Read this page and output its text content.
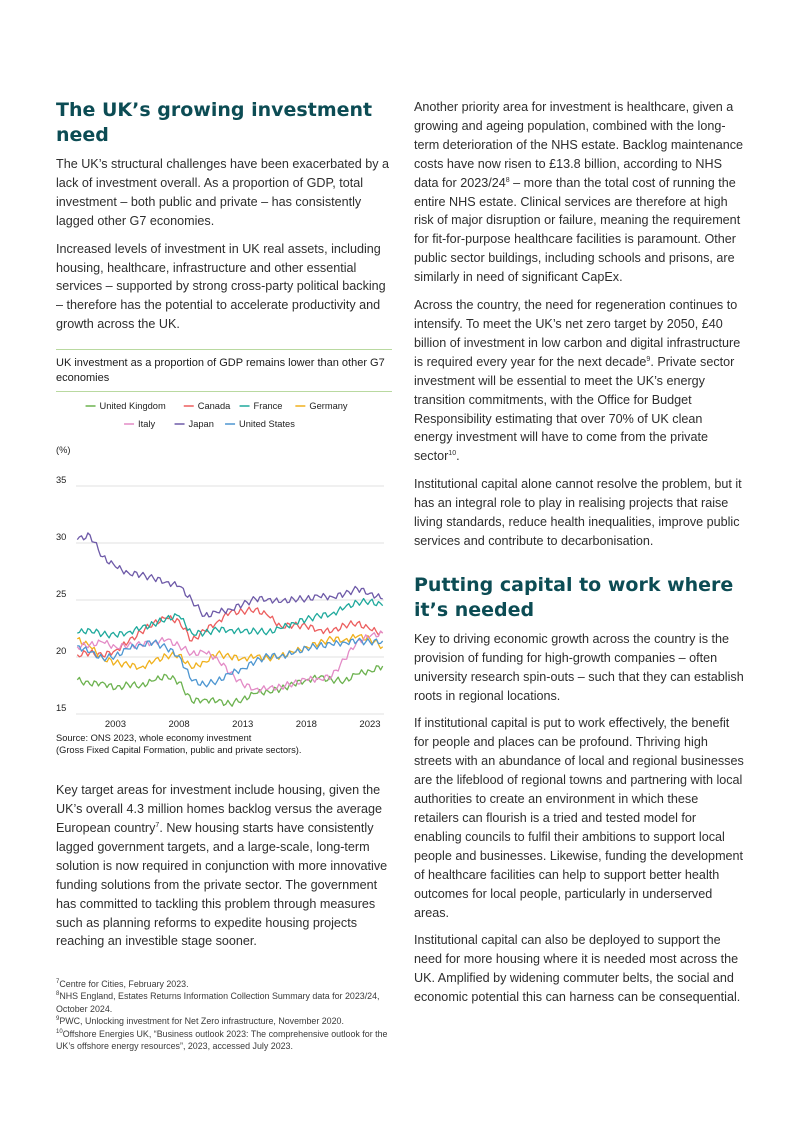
The UK’s growing investment need

The UK’s structural challenges have been exacerbated by a lack of investment overall. As a proportion of GDP, total investment – both public and private – has consistently lagged other G7 economies.

Increased levels of investment in UK real assets, including housing, healthcare, infrastructure and other essential services – supported by strong cross-party political backing – therefore has the potential to accelerate productivity and growth across the UK.

UK investment as a proportion of GDP remains lower than other G7 economies
United Kingdom	Canada France	Germany
Italy	Japan	United States
(%)
15
20
25
30
35
2003	2008	2013	2018	2023
Source: ONS 2023, whole economy investment
(Gross Fixed Capital Formation, public and private sectors).

Key target areas for investment include housing, given the UK’s overall 4.3 million homes backlog versus the average European country$^7$. New housing starts have consistently lagged government targets, and a large-scale, long-term solution is now required in conjunction with more innovative funding solutions from the private sector. The government has committed to tackling this problem through measures such as planning reforms to expedite housing projects reaching an investible stage sooner.

$^7$Centre for Cities, February 2023.

$^8$NHS England, Estates Returns Information Collection Summary data for 2023/24, October 2024.

$^9$PWC, Unlocking investment for Net Zero infrastructure, November 2020.

$^{10}$Offshore Energies UK, “Business outlook 2023: The comprehensive outlook for the UK’s offshore energy resources”, 2023, accessed July 2023.

Another priority area for investment is healthcare, given a growing and ageing population, combined with the long-term deterioration of the NHS estate. Backlog maintenance costs have now risen to £13.8 billion, according to NHS data for $2023/24^8$ – more than the total cost of running the entire NHS estate. Clinical services are therefore at high risk of major disruption or failure, meaning the requirement for fit-for-purpose healthcare facilities is paramount. Other public sector buildings, including schools and prisons, are similarly in need of significant CapEx.

Across the country, the need for regeneration continues to intensify. To meet the UK’s net zero target by 2050, £40 billion of investment in low carbon and digital infrastructure is required every year for the next decade$^9$. Private sector investment will be essential to meet the UK’s energy transition commitments, with the Office for Budget Responsibility estimating that over 70% of UK clean energy investment will have to come from the private sector$^{10}$.

Institutional capital alone cannot resolve the problem, but it has an integral role to play in realising projects that raise living standards, reduce health inequalities, improve public services and contribute to decarbonisation.

Putting capital to work where it’s needed

Key to driving economic growth across the country is the provision of funding for high-growth companies – often university research spin-outs – such that they can establish roots in regional locations.

If institutional capital is put to work effectively, the benefit for people and places can be profound. Thriving high streets with an abundance of local and regional businesses are the lifeblood of regional towns and partnering with local authorities to create an environment in which these retailers can flourish is a tried and tested model for enabling councils to fulfil their ambitions to support local people and businesses. Likewise, funding the development of healthcare facilities can help to support better health outcomes for local people, particularly in underserved areas.

Institutional capital can also be deployed to support the need for more housing where it is needed most across the UK. Amplified by widening commuter belts, the social and economic potential this can harness can be consequential.
